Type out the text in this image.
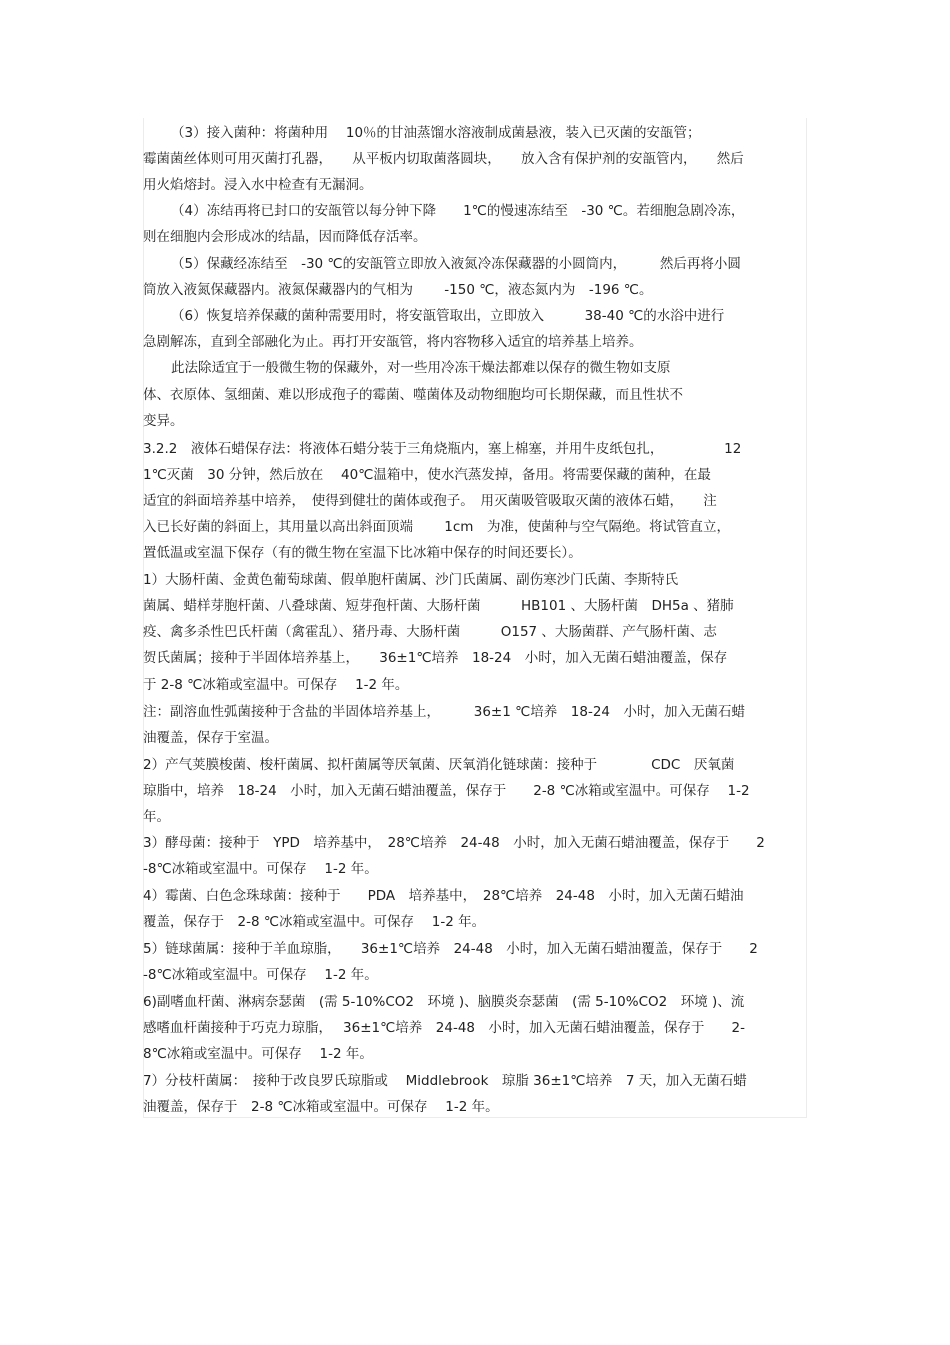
（3）接入菌种：将菌种用　 10％的甘油蒸馏水溶液制成菌悬液，装入已灭菌的安瓿管；
霉菌菌丝体则可用灭菌打孔器，　　从平板内切取菌落圆块，　　放入含有保护剂的安瓿管内，　　然后
用火焰熔封。浸入水中检查有无漏洞。
（4）冻结再将已封口的安瓿管以每分钟下降　　1℃的慢速冻结至　-30 ℃。若细胞急剧冷冻，
则在细胞内会形成冰的结晶，因而降低存活率。
（5）保藏经冻结至　-30 ℃的安瓿管立即放入液氮冷冻保藏器的小圆筒内，　　　然后再将小圆
筒放入液氮保藏器内。液氮保藏器内的气相为　　 -150 ℃，液态氮内为　-196 ℃。
（6）恢复培养保藏的菌种需要用时，将安瓿管取出，立即放入　　　38-40 ℃的水浴中进行
急剧解冻，直到全部融化为止。再打开安瓿管，将内容物移入适宜的培养基上培养。
此法除适宜于一般微生物的保藏外，对一些用冷冻干燥法都难以保存的微生物如支原
体、衣原体、氢细菌、难以形成孢子的霉菌、噬菌体及动物细胞均可长期保藏，而且性状不
变异。
3.2.2　液体石蜡保存法：将液体石蜡分装于三角烧瓶内，塞上棉塞，并用牛皮纸包扎，　　　　　12
1℃灭菌　30 分钟，然后放在　 40℃温箱中，使水汽蒸发掉，备用。将需要保藏的菌种，在最
适宜的斜面培养基中培养，　使得到健壮的菌体或孢子。　用灭菌吸管吸取灭菌的液体石蜡，　　注
入已长好菌的斜面上，其用量以高出斜面顶端　　 1cm　为准，使菌种与空气隔绝。将试管直立，
置低温或室温下保存（有的微生物在室温下比冰箱中保存的时间还要长）。
1）大肠杆菌、金黄色葡萄球菌、假单胞杆菌属、沙门氏菌属、副伤寒沙门氏菌、李斯特氏
菌属、蜡样芽胞杆菌、八叠球菌、短芽孢杆菌、大肠杆菌　　　HB101 、大肠杆菌　DH5a 、猪肺
疫、禽多杀性巴氏杆菌（禽霍乱）、猪丹毒、大肠杆菌　　　O157 、大肠菌群、产气肠杆菌、志
贺氏菌属；接种于半固体培养基上，　　36±1℃培养　18-24　小时，加入无菌石蜡油覆盖，保存
于 2-8 ℃冰箱或室温中。可保存　 1-2 年。
注：副溶血性弧菌接种于含盐的半固体培养基上，　　　36±1 ℃培养　18-24　小时，加入无菌石蜡
油覆盖，保存于室温。
2）产气荚膜梭菌、梭杆菌属、拟杆菌属等厌氧菌、厌氧消化链球菌：接种于　　　　CDC　厌氧菌
琼脂中，培养　18-24　小时，加入无菌石蜡油覆盖，保存于　　2-8 ℃冰箱或室温中。可保存　 1-2
年。
3）酵母菌：接种于　YPD　培养基中，　28℃培养　24-48　小时，加入无菌石蜡油覆盖，保存于　　2
-8℃冰箱或室温中。可保存　 1-2 年。
4）霉菌、白色念珠球菌：接种于　　PDA　培养基中，　28℃培养　24-48　小时，加入无菌石蜡油
覆盖，保存于　2-8 ℃冰箱或室温中。可保存　 1-2 年。
5）链球菌属：接种于羊血琼脂，　　36±1℃培养　24-48　小时，加入无菌石蜡油覆盖，保存于　　2
-8℃冰箱或室温中。可保存　 1-2 年。
6)副嗜血杆菌、淋病奈瑟菌　(需 5-10%CO2　环境 )、脑膜炎奈瑟菌　(需 5-10%CO2　环境 )、流
感嗜血杆菌接种于巧克力琼脂，　 36±1℃培养　24-48　小时，加入无菌石蜡油覆盖，保存于　　2-
8℃冰箱或室温中。可保存　 1-2 年。
7）分枝杆菌属：　接种于改良罗氏琼脂或　 Middlebrook　琼脂 36±1℃培养　7 天，加入无菌石蜡
油覆盖，保存于　2-8 ℃冰箱或室温中。可保存　 1-2 年。
